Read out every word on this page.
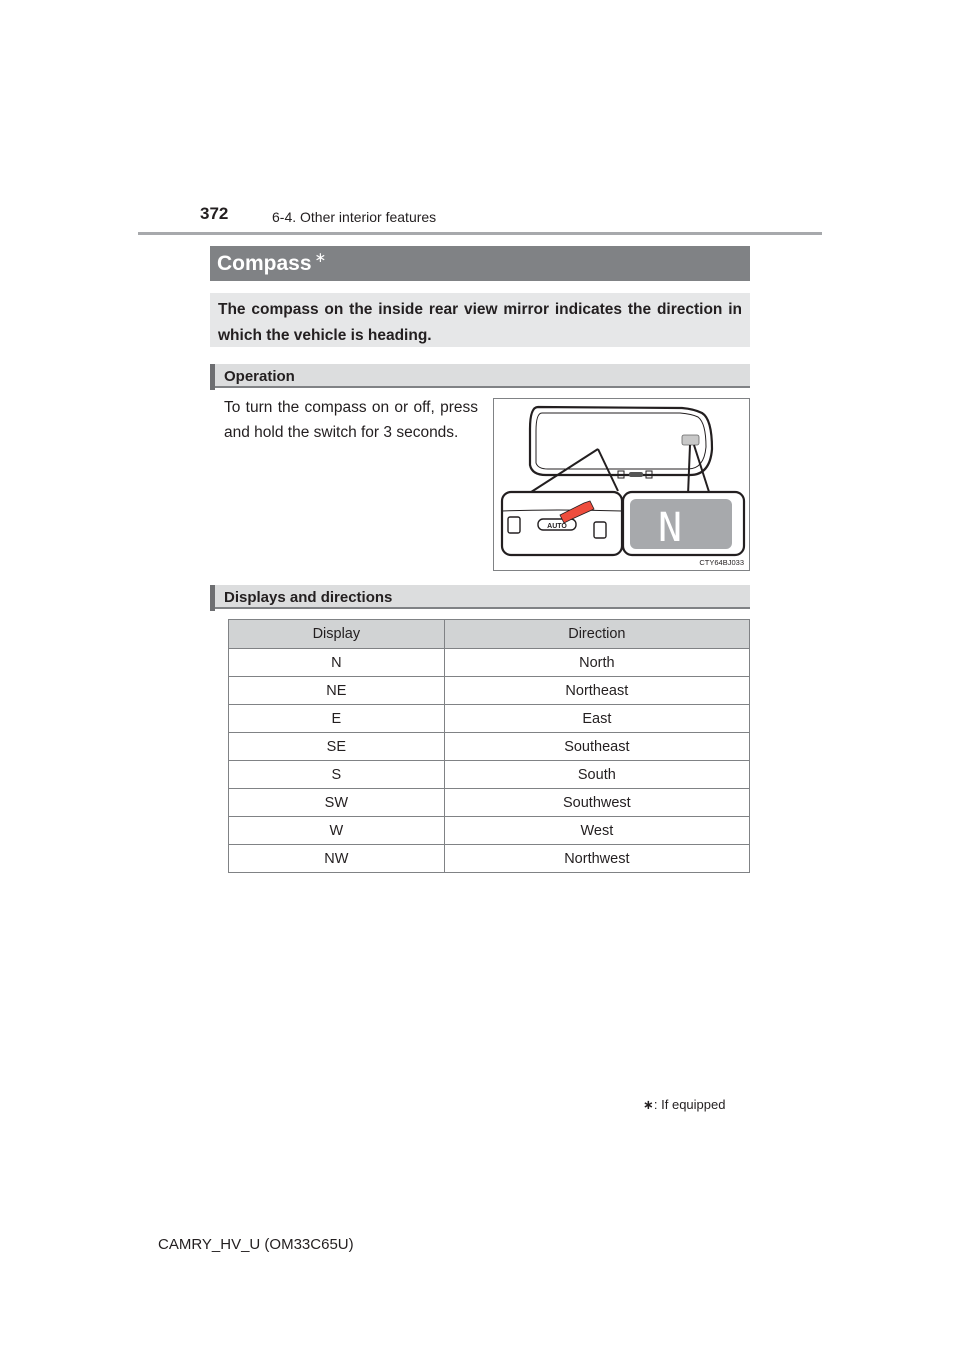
372	6-4. Other interior features
Compass ∗
The compass on the inside rear view mirror indicates the direction in which the vehicle is heading.
Operation
To turn the compass on or off, press and hold the switch for 3 seconds.
AUTO N
CTY64BJ033
Displays and directions
Display	Direction
N	North
NE	Northeast
E	East
SE	Southeast
S	South
SW	Southwest
W	West
NW	Northwest
∗: If equipped
CAMRY_HV_U (OM33C65U)
